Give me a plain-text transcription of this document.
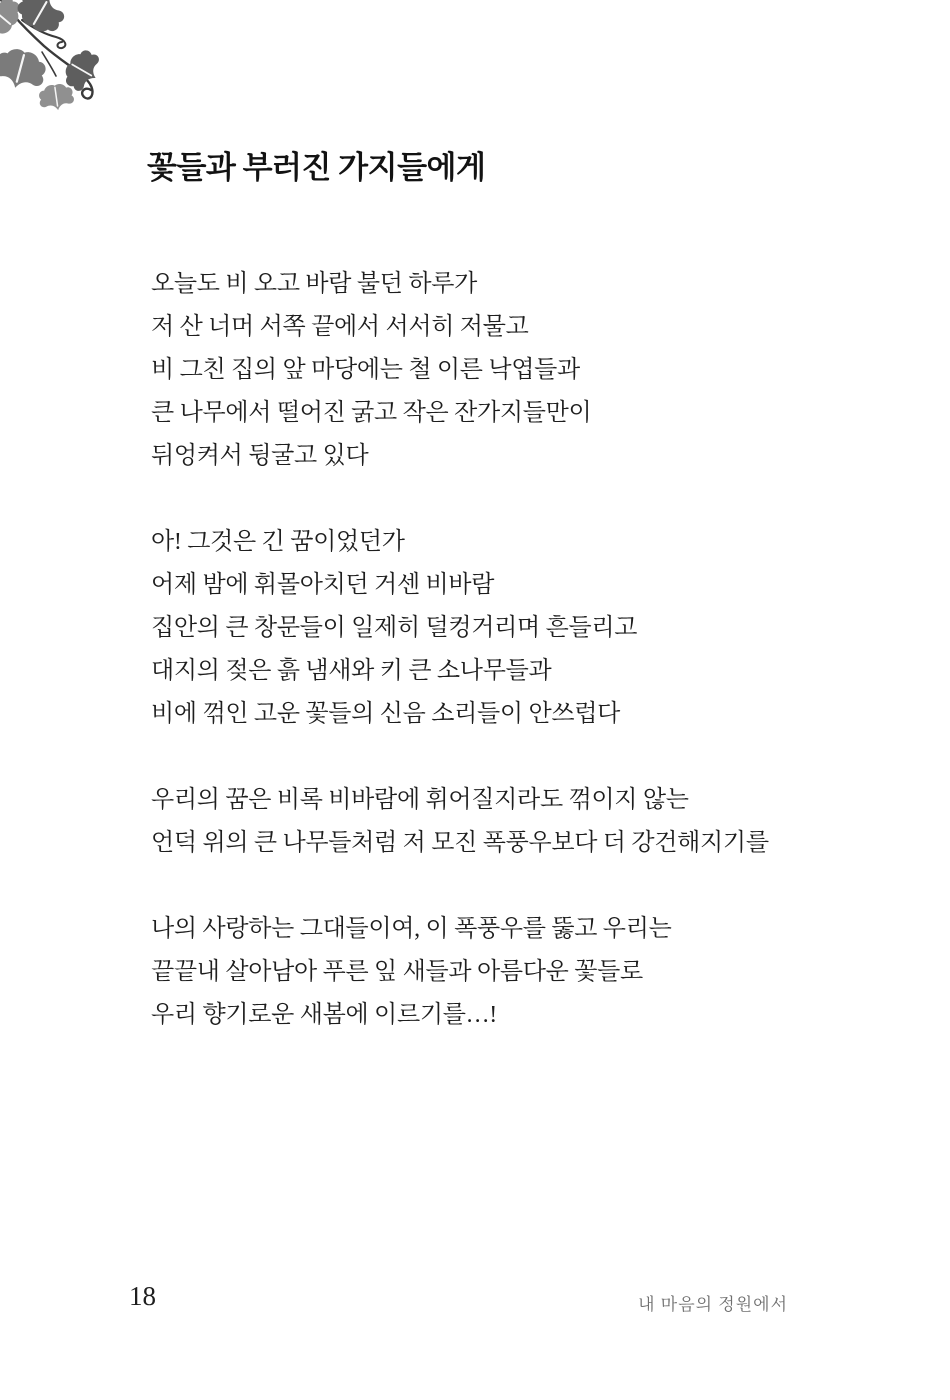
꽃들과 부러진 가지들에게
오늘도 비 오고 바람 불던 하루가
저 산 너머 서쪽 끝에서 서서히 저물고
비 그친 집의 앞 마당에는 철 이른 낙엽들과
큰 나무에서 떨어진 굵고 작은 잔가지들만이
뒤엉켜서 뒹굴고 있다
아! 그것은 긴 꿈이었던가
어제 밤에 휘몰아치던 거센 비바람
집안의 큰 창문들이 일제히 덜컹거리며 흔들리고
대지의 젖은 흙 냄새와 키 큰 소나무들과
비에 꺾인 고운 꽃들의 신음 소리들이 안쓰럽다
우리의 꿈은 비록 비바람에 휘어질지라도 꺾이지 않는
언덕 위의 큰 나무들처럼 저 모진 폭풍우보다 더 강건해지기를
나의 사랑하는 그대들이여, 이 폭풍우를 뚫고 우리는
끝끝내 살아남아 푸른 잎 새들과 아름다운 꽃들로
우리 향기로운 새봄에 이르기를…!
18	내 마음의 정원에서
